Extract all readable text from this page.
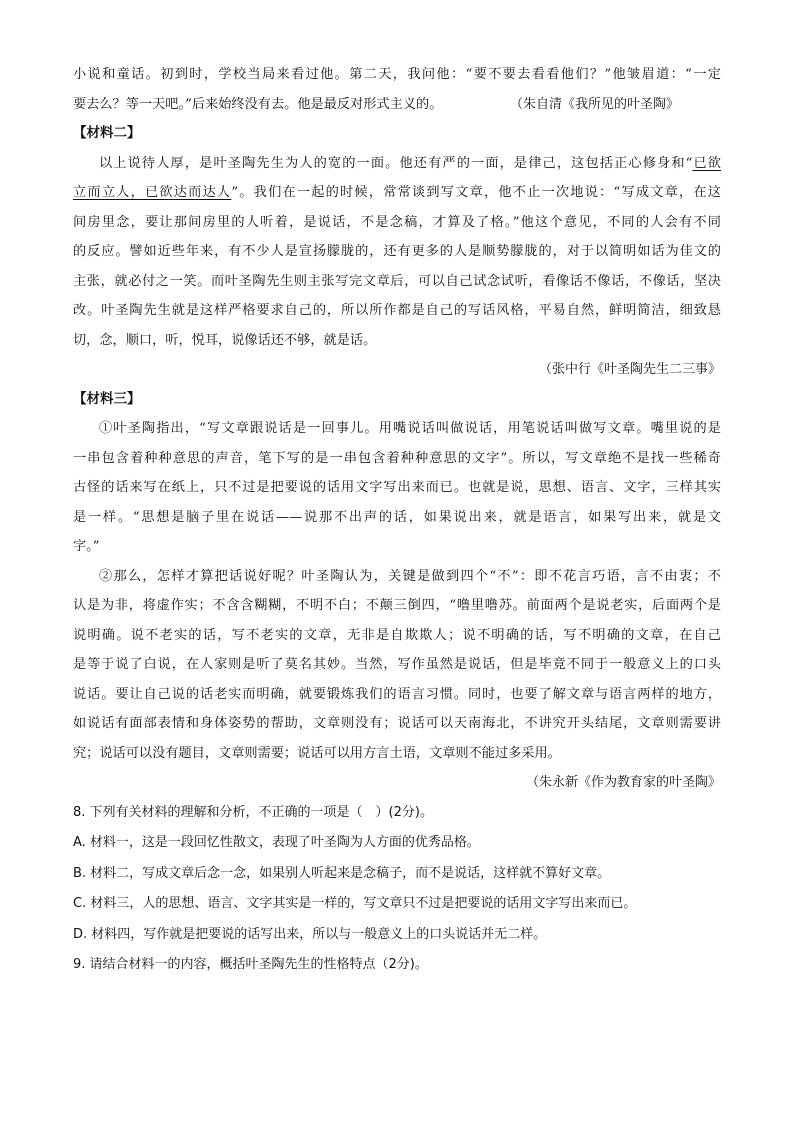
小说和童话。初到时，学校当局来看过他。第二天，我问他：“要不要去看看他们？”他皱眉道：“一定
要去么？等一天吧。”后来始终没有去。他是最反对形式主义的。	（朱自清《我所见的叶圣陶》
【材料二】
以上说待人厚，是叶圣陶先生为人的宽的一面。他还有严的一面，是律己，这包括正心修身和“已欲
立而立人，已欲达而达人”。我们在一起的时候，常常谈到写文章，他不止一次地说：“写成文章，在这
间房里念，要让那间房里的人听着，是说话，不是念稿，才算及了格。”他这个意见，不同的人会有不同
的反应。譬如近些年来，有不少人是宣扬朦胧的，还有更多的人是顺势朦胧的，对于以简明如话为佳文的
主张，就必付之一笑。而叶圣陶先生则主张写完文章后，可以自己试念试听，看像话不像话，不像话，坚决
改。叶圣陶先生就是这样严格要求自己的，所以所作都是自己的写话风格，平易自然，鲜明简洁，细致恳
切，念，顺口，听，悦耳，说像话还不够，就是话。
（张中行《叶圣陶先生二三事》
【材料三】
①叶圣陶指出，“写文章跟说话是一回事儿。用嘴说话叫做说话，用笔说话叫做写文章。嘴里说的是
一串包含着种种意思的声音，笔下写的是一串包含着种种意思的文字”。所以，写文章绝不是找一些稀奇
古怪的话来写在纸上，只不过是把要说的话用文字写出来而已。也就是说，思想、语言、文字，三样其实
是一样。“思想是脑子里在说话——说那不出声的话，如果说出来，就是语言，如果写出来，就是文
字。”
②那么，怎样才算把话说好呢？叶圣陶认为，关键是做到四个“不”：即不花言巧语，言不由衷；不
认是为非，将虚作实；不含含糊糊，不明不白；不颠三倒四，“噜里噜苏。前面两个是说老实，后面两个是
说明确。说不老实的话，写不老实的文章，无非是自欺欺人；说不明确的话，写不明确的文章，在自己
是等于说了白说，在人家则是听了莫名其妙。当然，写作虽然是说话，但是毕竟不同于一般意义上的口头
说话。要让自己说的话老实而明确，就要锻炼我们的语言习惯。同时，也要了解文章与语言两样的地方，
如说话有面部表情和身体姿势的帮助，文章则没有；说话可以天南海北，不讲究开头结尾，文章则需要讲
究；说话可以没有题目，文章则需要；说话可以用方言土语，文章则不能过多采用。
（朱永新《作为教育家的叶圣陶》
8. 下列有关材料的理解和分析，不正确的一项是（　）(2分)。
A. 材料一，这是一段回忆性散文，表现了叶圣陶为人方面的优秀品格。
B. 材料二，写成文章后念一念，如果别人听起来是念稿子，而不是说话，这样就不算好文章。
C. 材料三，人的思想、语言、文字其实是一样的，写文章只不过是把要说的话用文字写出来而已。
D. 材料四，写作就是把要说的话写出来，所以与一般意义上的口头说话并无二样。
9. 请结合材料一的内容，概括叶圣陶先生的性格特点（2分)。
